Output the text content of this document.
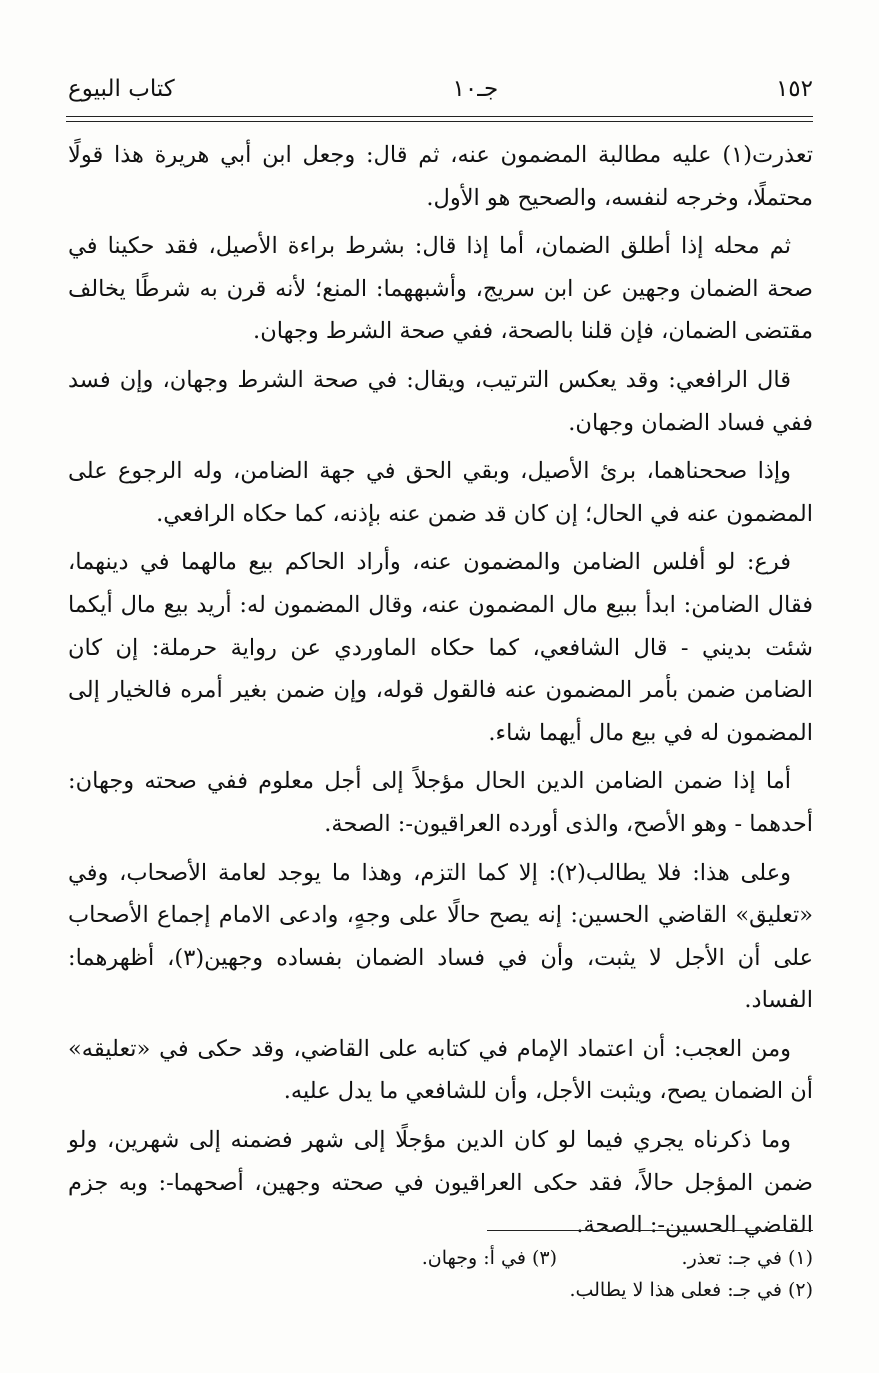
١٥٢
جـ١٠
كتاب البيوع

تعذرت(١) عليه مطالبة المضمون عنه، ثم قال: وجعل ابن أبي هريرة هذا قولًا محتملًا، وخرجه لنفسه، والصحيح هو الأول.

ثم محله إذا أطلق الضمان، أما إذا قال: بشرط براءة الأصيل، فقد حكينا في صحة الضمان وجهين عن ابن سريج، وأشبههما: المنع؛ لأنه قرن به شرطًا يخالف مقتضى الضمان، فإن قلنا بالصحة، ففي صحة الشرط وجهان.

قال الرافعي: وقد يعكس الترتيب، ويقال: في صحة الشرط وجهان، وإن فسد ففي فساد الضمان وجهان.

وإذا صححناهما، برئ الأصيل، وبقي الحق في جهة الضامن، وله الرجوع على المضمون عنه في الحال؛ إن كان قد ضمن عنه بإذنه، كما حكاه الرافعي.

فرع: لو أفلس الضامن والمضمون عنه، وأراد الحاكم بيع مالهما في دينهما، فقال الضامن: ابدأ ببيع مال المضمون عنه، وقال المضمون له: أريد بيع مال أيكما شئت بديني - قال الشافعي، كما حكاه الماوردي عن رواية حرملة: إن كان الضامن ضمن بأمر المضمون عنه فالقول قوله، وإن ضمن بغير أمره فالخيار إلى المضمون له في بيع مال أيهما شاء.

أما إذا ضمن الضامن الدين الحال مؤجلاً إلى أجل معلوم ففي صحته وجهان: أحدهما - وهو الأصح، والذى أورده العراقيون-: الصحة.

وعلى هذا: فلا يطالب(٢): إلا كما التزم، وهذا ما يوجد لعامة الأصحاب، وفي «تعليق» القاضي الحسين: إنه يصح حالًا على وجهٍ، وادعى الامام إجماع الأصحاب على أن الأجل لا يثبت، وأن في فساد الضمان بفساده وجهين(٣)، أظهرهما: الفساد.

ومن العجب: أن اعتماد الإمام في كتابه على القاضي، وقد حكى في «تعليقه» أن الضمان يصح، ويثبت الأجل، وأن للشافعي ما يدل عليه.

وما ذكرناه يجري فيما لو كان الدين مؤجلًا إلى شهر فضمنه إلى شهرين، ولو ضمن المؤجل حالاً، فقد حكى العراقيون في صحته وجهين، أصحهما-: وبه جزم القاضي الحسين-: الصحة.

(١) في جـ: تعذر.
(٣) في أ: وجهان.
(٢) في جـ: فعلى هذا لا يطالب.
